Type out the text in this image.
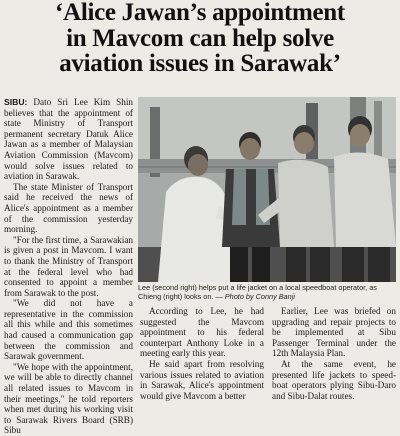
‘Alice Jawan’s appointment
in Mavcom can help solve
aviation issues in Sarawak’

SIBU: Dato Sri Lee Kim Shin believes that the appointment of state Ministry of Transport permanent secretary Datuk Alice Jawan as a member of Malaysian Aviation Commission (Mavcom) would solve issues related to aviation in Sarawak.

The state Minister of Transport said he received the news of Alice's appointment as a member of the commission yesterday morning.

"For the first time, a Sarawakian is given a post in Mavcom. I want to thank the Ministry of Transport at the federal level who had consented to appoint a member from Sarawak to the post.

"We did not have a representative in the commission all this while and this sometimes had caused a communication gap between the commission and Sarawak government.

"We hope with the appointment, we will be able to directly channel all related issues to Mavcom in their meetings," he told reporters when met during his working visit to Sarawak Rivers Board (SRB) Sibu

Lee (second right) helps put a life jacket on a local speedboat operator, as Chieng (right) looks on. — Photo by Conny Banji

According to Lee, he had suggested the Mavcom appointment to his federal counterpart Anthony Loke in a meeting early this year.

He said apart from resolving various issues related to aviation in Sarawak, Alice's appointment would give Mavcom a better

Earlier, Lee was briefed on upgrading and repair projects to be implemented at Sibu Passenger Terminal under the 12th Malaysia Plan.

At the same event, he presented life jackets to speed-boat operators plying Sibu-Daro and Sibu-Dalat routes.
